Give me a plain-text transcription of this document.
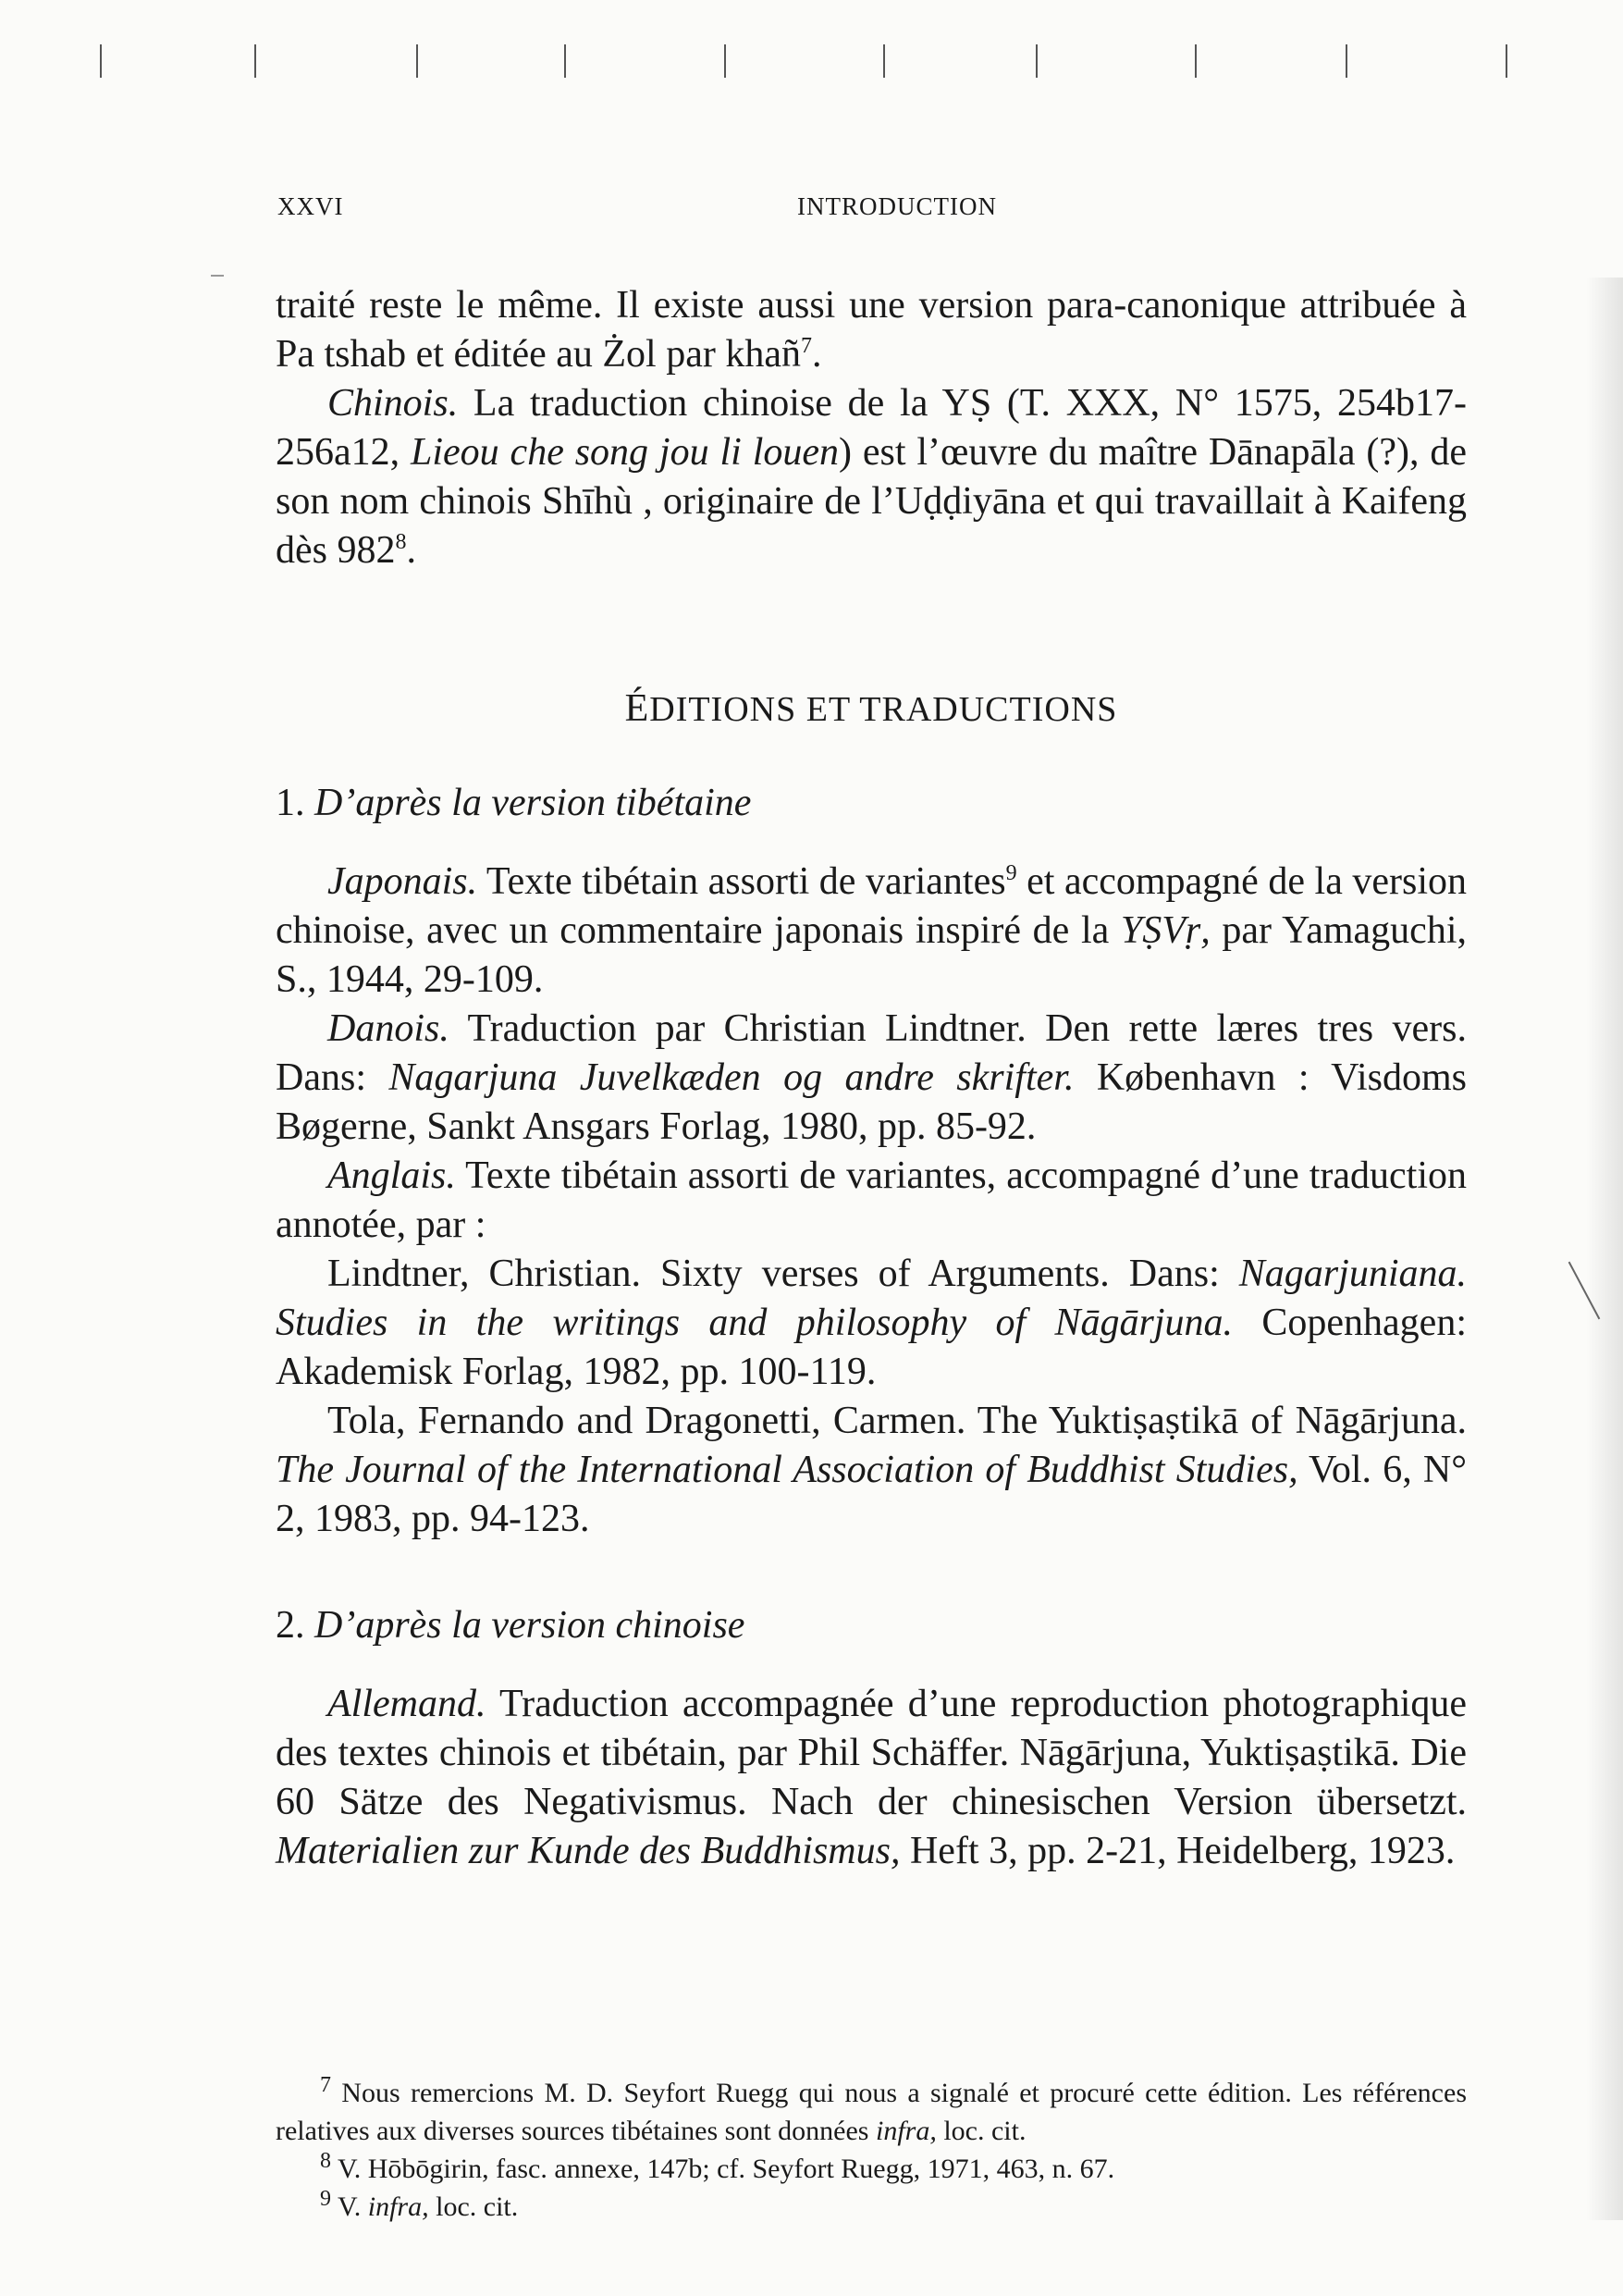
XXVI	INTRODUCTION

traité reste le même. Il existe aussi une version para-canonique attribuée à Pa tshab et éditée au Żol par khañ$^7$.

Chinois. La traduction chinoise de la YṢ (T. XXX, N° 1575, 254b17-256a12, Lieou che song jou li louen) est l’œuvre du maître Dānapāla (?), de son nom chinois Shīhù , originaire de l’Uḍḍiyāna et qui travaillait à Kaifeng dès $982^8$.

ÉDITIONS ET TRADUCTIONS
1. D’après la version tibétaine

Japonais. Texte tibétain assorti de variantes$^9$ et accompagné de la version chinoise, avec un commentaire japonais inspiré de la YṢVṛ, par Yamaguchi, S., 1944, 29-109.

Danois. Traduction par Christian Lindtner. Den rette læres tres vers. Dans: Nagarjuna Juvelkæden og andre skrifter. København : Visdoms Bøgerne, Sankt Ansgars Forlag, 1980, pp. 85-92.

Anglais. Texte tibétain assorti de variantes, accompagné d’une traduction annotée, par :

Lindtner, Christian. Sixty verses of Arguments. Dans: Nagarjuniana. Studies in the writings and philosophy of Nāgārjuna. Copenhagen: Akademisk Forlag, 1982, pp. 100-119.

Tola, Fernando and Dragonetti, Carmen. The Yuktiṣaṣtikā of Nāgārjuna. The Journal of the International Association of Buddhist Studies, Vol. 6, N° 2, 1983, pp. 94-123.

2. D’après la version chinoise

Allemand. Traduction accompagnée d’une reproduction photographique des textes chinois et tibétain, par Phil Schäffer. Nāgārjuna, Yuktiṣaṣtikā. Die 60 Sätze des Negativismus. Nach der chinesischen Version übersetzt. Materialien zur Kunde des Buddhismus, Heft 3, pp. 2-21, Heidelberg, 1923.

$^7$ Nous remercions M. D. Seyfort Ruegg qui nous a signalé et procuré cette édition. Les références relatives aux diverses sources tibétaines sont données infra, loc. cit.

$^8$ V. Hōbōgirin, fasc. annexe, 147b; cf. Seyfort Ruegg, 1971, 463, n. 67.

$^9$ V. infra, loc. cit.
